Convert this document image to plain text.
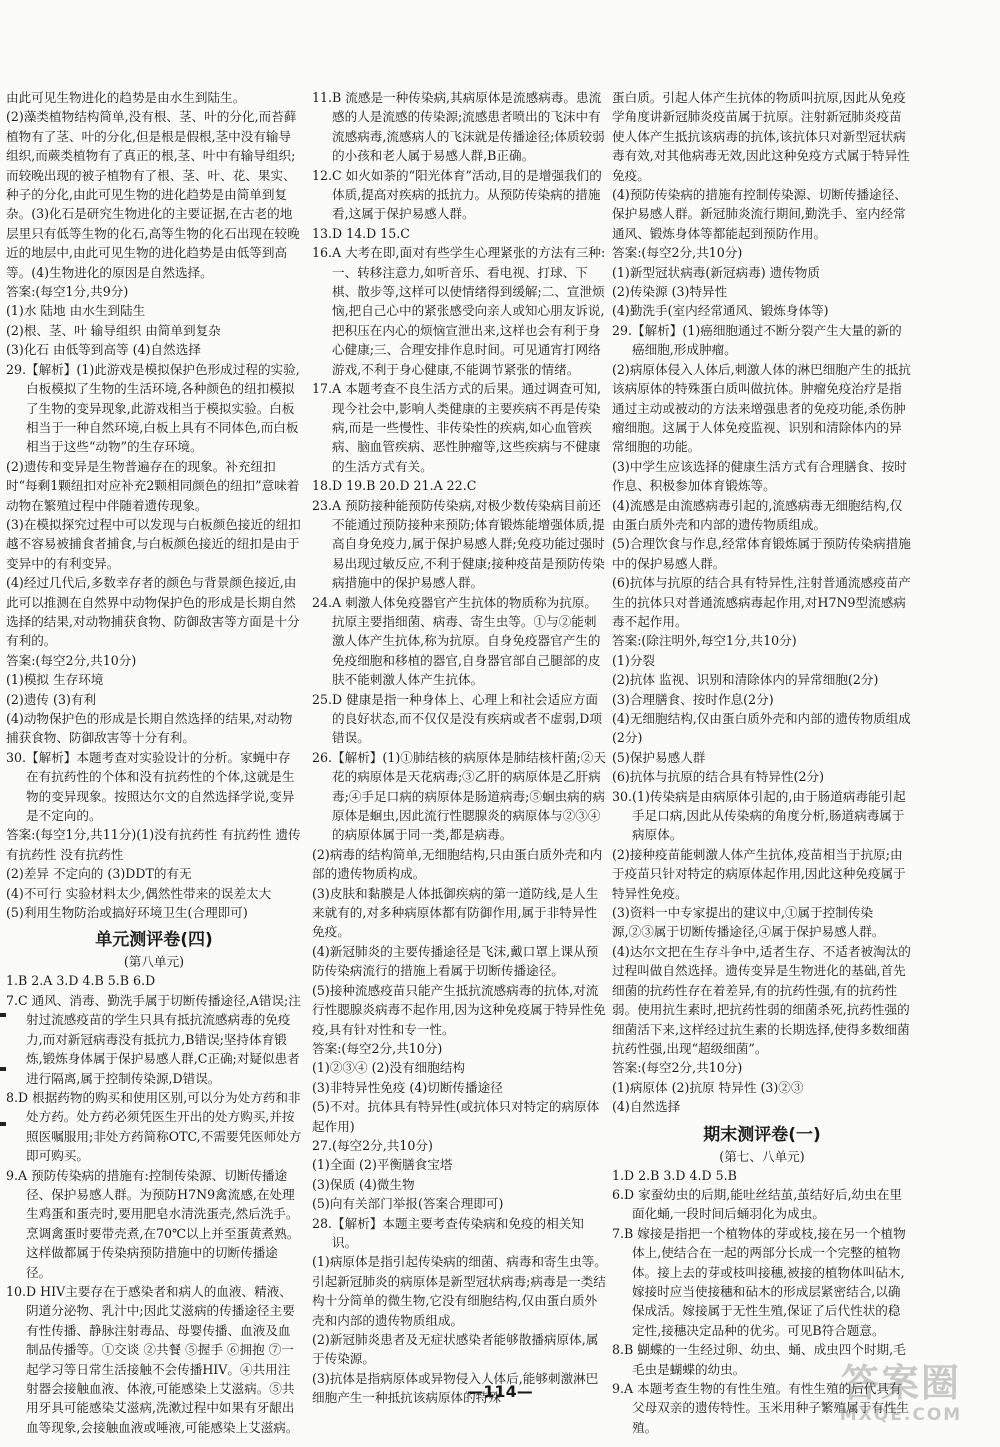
由此可见生物进化的趋势是由水生到陆生。

(2)藻类植物结构简单,没有根、茎、叶的分化,而苔藓植物有了茎、叶的分化,但是根是假根,茎中没有输导组织,而蕨类植物有了真正的根,茎、叶中有输导组织;而较晚出现的被子植物有了根、茎、叶、花、果实、种子的分化,由此可见生物的进化趋势是由简单到复杂。(3)化石是研究生物进化的主要证据,在古老的地层里只有低等生物的化石,高等生物的化石出现在较晚近的地层中,由此可见生物的进化趋势是由低等到高等。(4)生物进化的原因是自然选择。

答案:(每空1分,共9分)

(1)水 陆地 由水生到陆生

(2)根、茎、叶 输导组织 由简单到复杂

(3)化石 由低等到高等 (4)自然选择

29.【解析】(1)此游戏是模拟保护色形成过程的实验,白板模拟了生物的生活环境,各种颜色的纽扣模拟了生物的变异现象,此游戏相当于模拟实验。白板相当于一种自然环境,白板上具有不同体色,而白板相当于这些“动物”的生存环境。

(2)遗传和变异是生物普遍存在的现象。补充纽扣时“每剩1颗纽扣对应补充2颗相同颜色的纽扣”意味着动物在繁殖过程中伴随着遗传现象。

(3)在模拟探究过程中可以发现与白板颜色接近的纽扣越不容易被捕食者捕食,与白板颜色接近的纽扣是由于变异中的有利变异。

(4)经过几代后,多数幸存者的颜色与背景颜色接近,由此可以推测在自然界中动物保护色的形成是长期自然选择的结果,对动物捕获食物、防御敌害等方面是十分有利的。

答案:(每空2分,共10分)

(1)模拟 生存环境

(2)遗传 (3)有利

(4)动物保护色的形成是长期自然选择的结果,对动物捕获食物、防御敌害等十分有利。

30.【解析】本题考查对实验设计的分析。家蝇中存在有抗药性的个体和没有抗药性的个体,这就是生物的变异现象。按照达尔文的自然选择学说,变异是不定向的。

答案:(每空1分,共11分)(1)没有抗药性 有抗药性 遗传 有抗药性 没有抗药性

(2)差异 不定向的 (3)DDT的有无

(4)不可行 实验材料太少,偶然性带来的误差太大

(5)利用生物防治或搞好环境卫生(合理即可)

单元测评卷(四)
(第八单元)

1.B 2.A 3.D 4.B 5.B 6.D

7.C 通风、消毒、勤洗手属于切断传播途径,A错误;注射过流感疫苗的学生只具有抵抗流感病毒的免疫力,而对新冠病毒没有抵抗力,B错误;坚持体育锻炼,锻炼身体属于保护易感人群,C正确;对疑似患者进行隔离,属于控制传染源,D错误。

8.D 根据药物的购买和使用区别,可以分为处方药和非处方药。处方药必须凭医生开出的处方购买,并按照医嘱服用;非处方药简称OTC,不需要凭医师处方即可购买。

9.A 预防传染病的措施有:控制传染源、切断传播途径、保护易感人群。为预防H7N9禽流感,在处理生鸡蛋和蛋壳时,要用肥皂水清洗蛋壳,然后洗手。烹调禽蛋时要带壳煮,在70℃以上并至蛋黄煮熟。这样做都属于传染病预防措施中的切断传播途径。

10.D HIV主要存在于感染者和病人的血液、精液、阴道分泌物、乳汁中;因此艾滋病的传播途径主要有性传播、静脉注射毒品、母婴传播、血液及血制品传播等。①交谈 ②共餐 ⑤握手 ⑥拥抱 ⑦一起学习等日常生活接触不会传播HIV。④共用注射器会接触血液、体液,可能感染上艾滋病。⑤共用牙具可能感染艾滋病,洗漱过程中如果有牙龈出血等现象,会接触血液或唾液,可能感染上艾滋病。

11.B 流感是一种传染病,其病原体是流感病毒。患流感的人是流感的传染源;流感患者喷出的飞沫中有流感病毒,流感病人的飞沫就是传播途径;体质较弱的小孩和老人属于易感人群,B正确。

12.C 如火如荼的“阳光体育”活动,目的是增强我们的体质,提高对疾病的抵抗力。从预防传染病的措施看,这属于保护易感人群。

13.D 14.D 15.C

16.A 大考在即,面对有些学生心理紧张的方法有三种:一、转移注意力,如听音乐、看电视、打球、下棋、散步等,这样可以使情绪得到缓解;二、宣泄烦恼,把自己心中的紧张感受向亲人或知心朋友诉说,把积压在内心的烦恼宣泄出来,这样也会有利于身心健康;三、合理安排作息时间。可见通宵打网络游戏,不利于身心健康,不能调节紧张的情绪。

17.A 本题考查不良生活方式的后果。通过调查可知,现今社会中,影响人类健康的主要疾病不再是传染病,而是一些慢性、非传染性的疾病,如心血管疾病、脑血管疾病、恶性肿瘤等,这些疾病与不健康的生活方式有关。

18.D 19.B 20.D 21.A 22.C

23.A 预防接种能预防传染病,对极少数传染病目前还不能通过预防接种来预防;体育锻炼能增强体质,提高自身免疫力,属于保护易感人群;免疫功能过强时易出现过敏反应,不利于健康;接种疫苗是预防传染病措施中的保护易感人群。

24.A 刺激人体免疫器官产生抗体的物质称为抗原。抗原主要指细菌、病毒、寄生虫等。①与②能刺激人体产生抗体,称为抗原。自身免疫器官产生的免疫细胞和移植的器官,自身器官部自己腿部的皮肤不能刺激人体产生抗体。

25.D 健康是指一种身体上、心理上和社会适应方面的良好状态,而不仅仅是没有疾病或者不虚弱,D项错误。

26.【解析】(1)①肺结核的病原体是肺结核杆菌;②天花的病原体是天花病毒;③乙肝的病原体是乙肝病毒;④手足口病的病原体是肠道病毒;⑤蛔虫病的病原体是蛔虫,因此流行性腮腺炎的病原体与②③④的病原体属于同一类,都是病毒。

(2)病毒的结构简单,无细胞结构,只由蛋白质外壳和内部的遗传物质构成。

(3)皮肤和黏膜是人体抵御疾病的第一道防线,是人生来就有的,对多种病原体都有防御作用,属于非特异性免疫。

(4)新冠肺炎的主要传播途径是飞沫,戴口罩上课从预防传染病流行的措施上看属于切断传播途径。

(5)接种流感疫苗只能产生抵抗流感病毒的抗体,对流行性腮腺炎病毒不起作用,因为这种免疫属于特异性免疫,具有针对性和专一性。

答案:(每空2分,共10分)

(1)②③④ (2)没有细胞结构

(3)非特异性免疫 (4)切断传播途径

(5)不对。抗体具有特异性(或抗体只对特定的病原体起作用)

27.(每空2分,共10分)

(1)全面 (2)平衡膳食宝塔

(3)保质 (4)微生物

(5)向有关部门举报(答案合理即可)

28.【解析】本题主要考查传染病和免疫的相关知识。

(1)病原体是指引起传染病的细菌、病毒和寄生虫等。引起新冠肺炎的病原体是新型冠状病毒;病毒是一类结构十分简单的微生物,它没有细胞结构,仅由蛋白质外壳和内部的遗传物质组成。

(2)新冠肺炎患者及无症状感染者能够散播病原体,属于传染源。

(3)抗体是指病原体或异物侵入人体后,能够刺激淋巴细胞产生一种抵抗该病原体的特殊

蛋白质。引起人体产生抗体的物质叫抗原,因此从免疫学角度讲新冠肺炎疫苗属于抗原。注射新冠肺炎疫苗使人体产生抵抗该病毒的抗体,该抗体只对新型冠状病毒有效,对其他病毒无效,因此这种免疫方式属于特异性免疫。

(4)预防传染病的措施有控制传染源、切断传播途径、保护易感人群。新冠肺炎流行期间,勤洗手、室内经常通风、锻炼身体等都能起到预防作用。

答案:(每空2分,共10分)

(1)新型冠状病毒(新冠病毒) 遗传物质

(2)传染源 (3)特异性

(4)勤洗手(室内经常通风、锻炼身体等)

29.【解析】(1)癌细胞通过不断分裂产生大量的新的癌细胞,形成肿瘤。

(2)病原体侵入人体后,刺激人体的淋巴细胞产生的抵抗该病原体的特殊蛋白质叫做抗体。肿瘤免疫治疗是指通过主动或被动的方法来增强患者的免疫功能,杀伤肿瘤细胞。这属于人体免疫监视、识别和清除体内的异常细胞的功能。

(3)中学生应该选择的健康生活方式有合理膳食、按时作息、积极参加体育锻炼等。

(4)流感是由流感病毒引起的,流感病毒无细胞结构,仅由蛋白质外壳和内部的遗传物质组成。

(5)合理饮食与作息,经常体育锻炼属于预防传染病措施中的保护易感人群。

(6)抗体与抗原的结合具有特异性,注射普通流感疫苗产生的抗体只对普通流感病毒起作用,对H7N9型流感病毒不起作用。

答案:(除注明外,每空1分,共10分)

(1)分裂

(2)抗体 监视、识别和清除体内的异常细胞(2分)

(3)合理膳食、按时作息(2分)

(4)无细胞结构,仅由蛋白质外壳和内部的遗传物质组成(2分)

(5)保护易感人群

(6)抗体与抗原的结合具有特异性(2分)

30.(1)传染病是由病原体引起的,由于肠道病毒能引起手足口病,因此从传染病的角度分析,肠道病毒属于病原体。

(2)接种疫苗能刺激人体产生抗体,疫苗相当于抗原;由于疫苗只针对特定的病原体起作用,因此这种免疫属于特异性免疫。

(3)资料一中专家提出的建议中,①属于控制传染源,②③属于切断传播途径,④属于保护易感人群。

(4)达尔文把在生存斗争中,适者生存、不适者被淘汰的过程叫做自然选择。遗传变异是生物进化的基础,首先细菌的抗药性存在着差异,有的抗药性强,有的抗药性弱。使用抗生素时,把抗药性弱的细菌杀死,抗药性强的细菌活下来,这样经过抗生素的长期选择,使得多数细菌抗药性强,出现“超级细菌”。

答案:(每空2分,共10分)

(1)病原体 (2)抗原 特异性 (3)②③

(4)自然选择

期末测评卷(一)
(第七、八单元)

1.D 2.B 3.D 4.D 5.B

6.D 家蚕幼虫的后期,能吐丝结茧,茧结好后,幼虫在里面化蛹,一段时间后蛹羽化为成虫。

7.B 嫁接是指把一个植物体的芽或枝,接在另一个植物体上,使结合在一起的两部分长成一个完整的植物体。接上去的芽或枝叫接穗,被接的植物体叫砧木,嫁接时应当使接穗和砧木的形成层紧密结合,以确保成活。嫁接属于无性生殖,保证了后代性状的稳定性,接穗决定品种的优劣。可见B符合题意。

8.B 蝴蝶的一生经过卵、幼虫、蛹、成虫四个时期,毛毛虫是蝴蝶的幼虫。

9.A 本题考查生物的有性生殖。有性生殖的后代具有父母双亲的遗传特性。玉米用种子繁殖属于有性生殖。

—114—	答案圈
MXQE.COM
